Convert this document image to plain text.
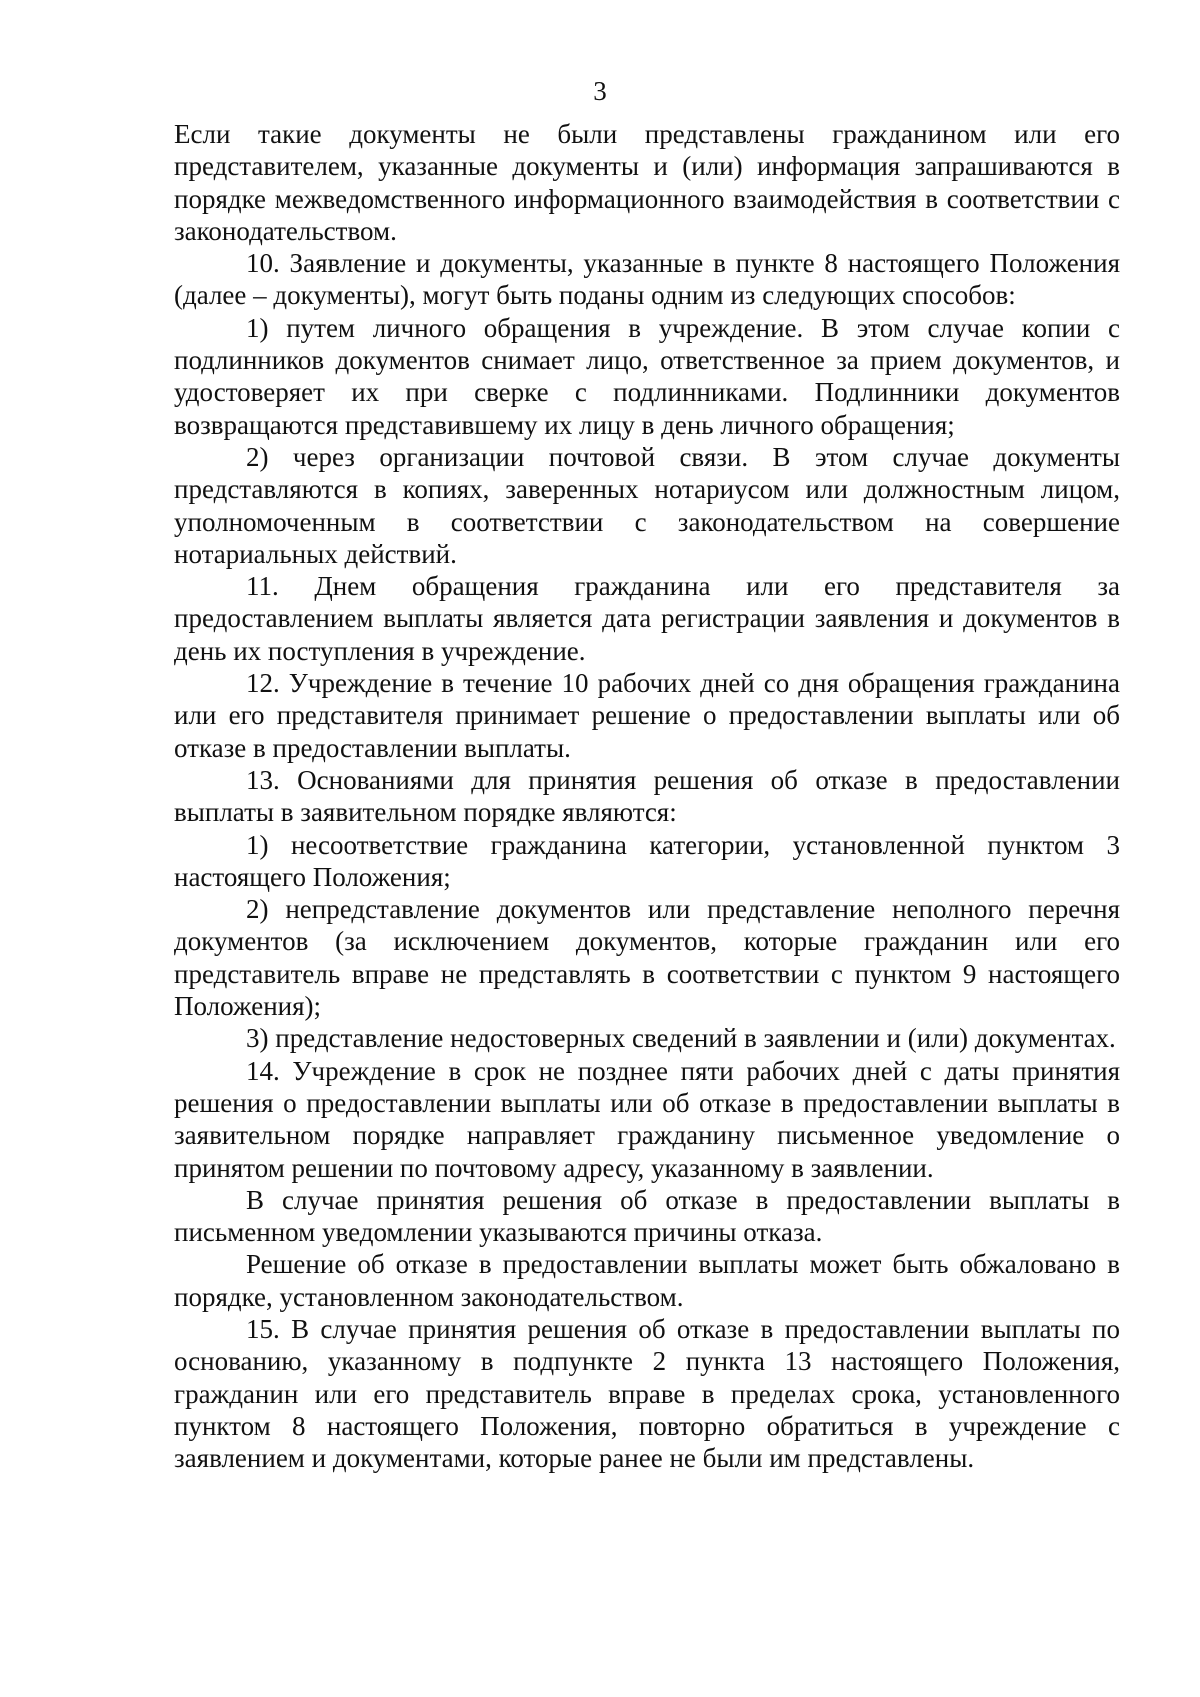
3

Если такие документы не были представлены гражданином или его представителем, указанные документы и (или) информация запрашиваются в порядке межведомственного информационного взаимодействия в соответствии с законодательством.

10. Заявление и документы, указанные в пункте 8 настоящего Положения (далее – документы), могут быть поданы одним из следующих способов:

1) путем личного обращения в учреждение. В этом случае копии с подлинников документов снимает лицо, ответственное за прием документов, и удостоверяет их при сверке с подлинниками. Подлинники документов возвращаются представившему их лицу в день личного обращения;

2) через организации почтовой связи. В этом случае документы представляются в копиях, заверенных нотариусом или должностным лицом, уполномоченным в соответствии с законодательством на совершение нотариальных действий.

11. Днем обращения гражданина или его представителя за предоставлением выплаты является дата регистрации заявления и документов в день их поступления в учреждение.

12. Учреждение в течение 10 рабочих дней со дня обращения гражданина или его представителя принимает решение о предоставлении выплаты или об отказе в предоставлении выплаты.

13. Основаниями для принятия решения об отказе в предоставлении выплаты в заявительном порядке являются:

1) несоответствие гражданина категории, установленной пунктом 3 настоящего Положения;

2) непредставление документов или представление неполного перечня документов (за исключением документов, которые гражданин или его представитель вправе не представлять в соответствии с пунктом 9 настоящего Положения);

3) представление недостоверных сведений в заявлении и (или) документах.

14. Учреждение в срок не позднее пяти рабочих дней с даты принятия решения о предоставлении выплаты или об отказе в предоставлении выплаты в заявительном порядке направляет гражданину письменное уведомление о принятом решении по почтовому адресу, указанному в заявлении.

В случае принятия решения об отказе в предоставлении выплаты в письменном уведомлении указываются причины отказа.

Решение об отказе в предоставлении выплаты может быть обжаловано в порядке, установленном законодательством.

15. В случае принятия решения об отказе в предоставлении выплаты по основанию, указанному в подпункте 2 пункта 13 настоящего Положения, гражданин или его представитель вправе в пределах срока, установленного пунктом 8 настоящего Положения, повторно обратиться в учреждение с заявлением и документами, которые ранее не были им представлены.
